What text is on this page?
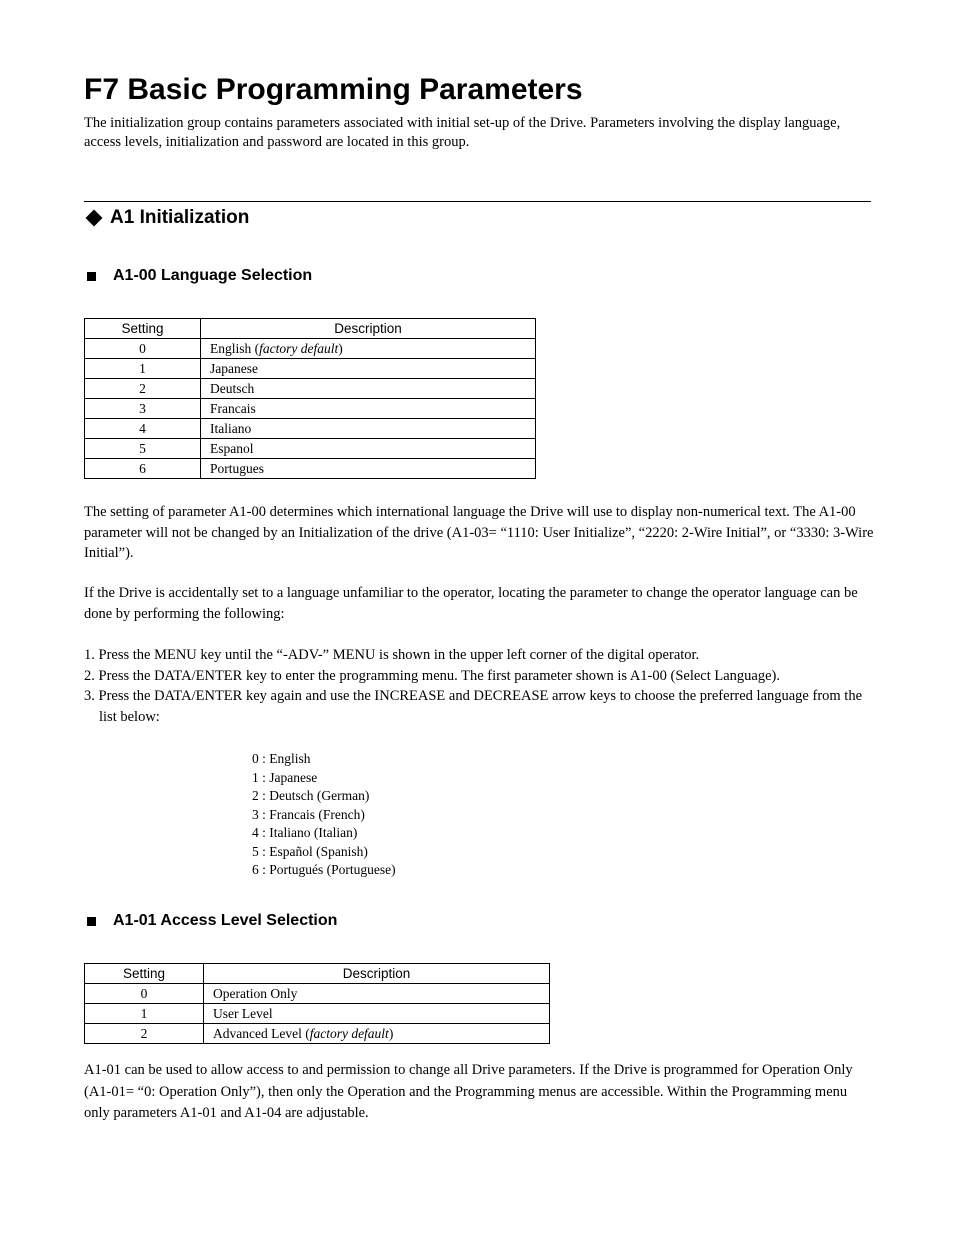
F7 Basic Programming Parameters

The initialization group contains parameters associated with initial set-up of the Drive. Parameters involving the display language, access levels, initialization and password are located in this group.

A1 Initialization
A1-00 Language Selection
Setting	Description
0	English (factory default)
1	Japanese
2	Deutsch
3	Francais
4	Italiano
5	Espanol
6	Portugues

The setting of parameter A1-00 determines which international language the Drive will use to display non-numerical text. The A1-00 parameter will not be changed by an Initialization of the drive (A1-03= “1110: User Initialize”, “2220: 2-Wire Initial”, or “3330: 3-Wire Initial”).

If the Drive is accidentally set to a language unfamiliar to the operator, locating the parameter to change the operator language can be done by performing the following:

1. Press the MENU key until the “-ADV-” MENU is shown in the upper left corner of the digital operator.
2. Press the DATA/ENTER key to enter the programming menu. The first parameter shown is A1-00 (Select Language).
3. Press the DATA/ENTER key again and use the INCREASE and DECREASE arrow keys to choose the preferred language from the list below:
0 : English
1 : Japanese
2 : Deutsch (German)
3 : Francais (French)
4 : Italiano (Italian)
5 : Español (Spanish)
6 : Portugués (Portuguese)
A1-01 Access Level Selection
Setting	Description
0	Operation Only
1	User Level
2	Advanced Level (factory default)

A1-01 can be used to allow access to and permission to change all Drive parameters. If the Drive is programmed for Operation Only (A1-01= “0: Operation Only”), then only the Operation and the Programming menus are accessible. Within the Programming menu only parameters A1-01 and A1-04 are adjustable.
